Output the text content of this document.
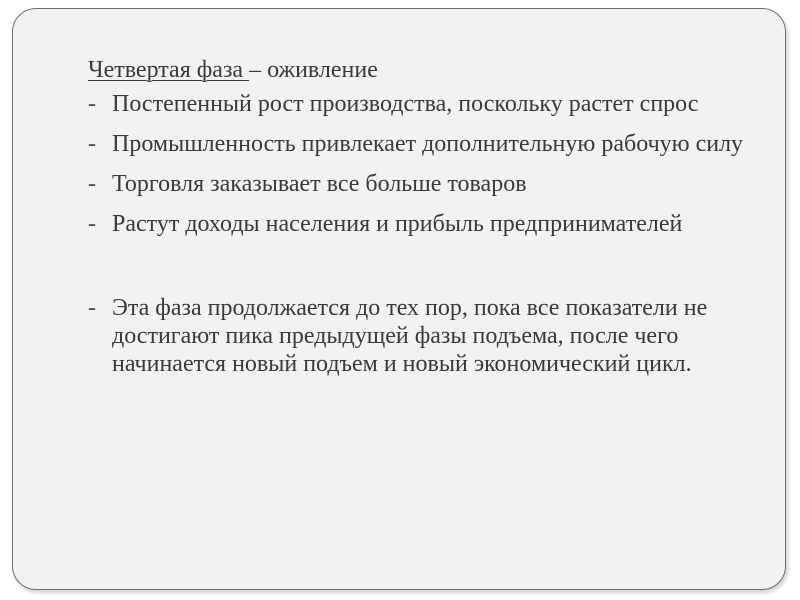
Четвертая фаза – оживление
- Постепенный рост производства, поскольку растет спрос
- Промышленность привлекает дополнительную рабочую силу
- Торговля заказывает все больше товаров
- Растут доходы населения и прибыль предпринимателей
- Эта фаза продолжается до тех пор, пока все показатели не достигают пика предыдущей фазы подъема, после чего начинается новый подъем и новый экономический цикл.
